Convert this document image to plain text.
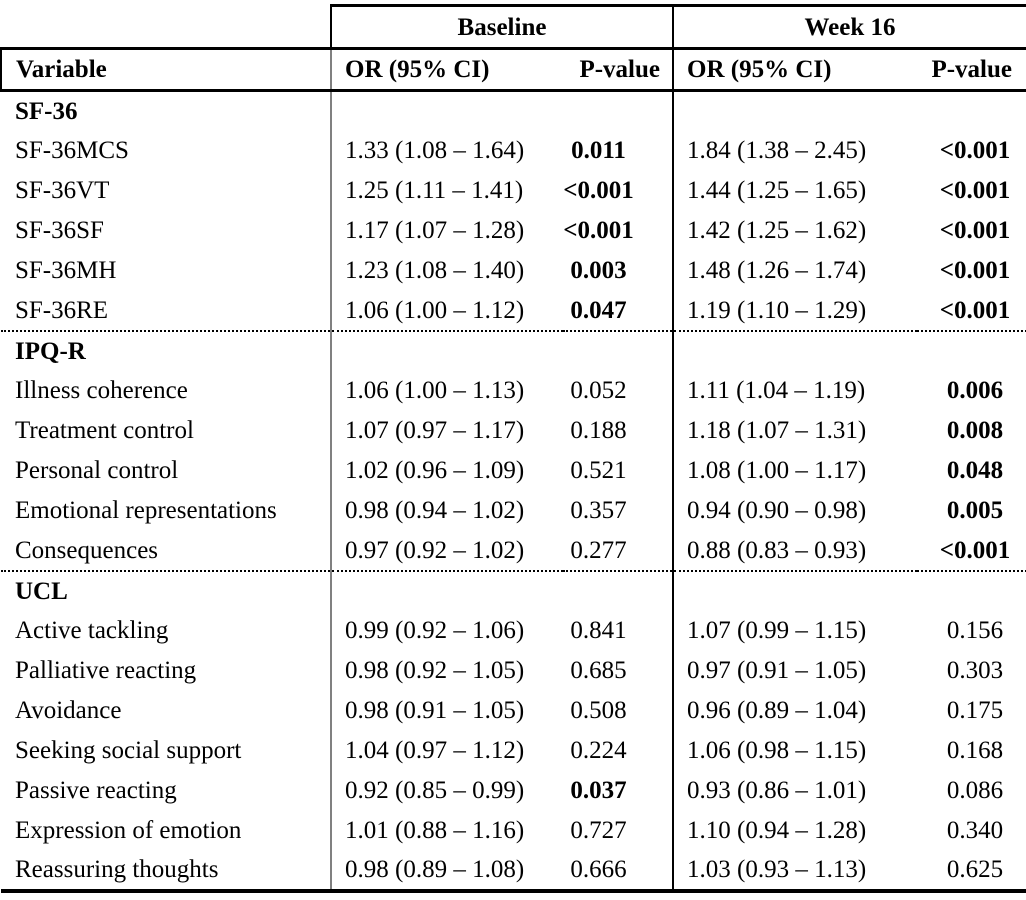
	Baseline		Week 16	
Variable	OR (95% CI)	P-value	OR (95% CI)	P-value
SF-36				
SF-36MCS	1.33 (1.08 – 1.64)	0.011	1.84 (1.38 – 2.45)	<0.001
SF-36VT	1.25 (1.11 – 1.41)	<0.001	1.44 (1.25 – 1.65)	<0.001
SF-36SF	1.17 (1.07 – 1.28)	<0.001	1.42 (1.25 – 1.62)	<0.001
SF-36MH	1.23 (1.08 – 1.40)	0.003	1.48 (1.26 – 1.74)	<0.001
SF-36RE	1.06 (1.00 – 1.12)	0.047	1.19 (1.10 – 1.29)	<0.001
IPQ-R				
Illness coherence	1.06 (1.00 – 1.13)	0.052	1.11 (1.04 – 1.19)	0.006
Treatment control	1.07 (0.97 – 1.17)	0.188	1.18 (1.07 – 1.31)	0.008
Personal control	1.02 (0.96 – 1.09)	0.521	1.08 (1.00 – 1.17)	0.048
Emotional representations	0.98 (0.94 – 1.02)	0.357	0.94 (0.90 – 0.98)	0.005
Consequences	0.97 (0.92 – 1.02)	0.277	0.88 (0.83 – 0.93)	<0.001
UCL				
Active tackling	0.99 (0.92 – 1.06)	0.841	1.07 (0.99 – 1.15)	0.156
Palliative reacting	0.98 (0.92 – 1.05)	0.685	0.97 (0.91 – 1.05)	0.303
Avoidance	0.98 (0.91 – 1.05)	0.508	0.96 (0.89 – 1.04)	0.175
Seeking social support	1.04 (0.97 – 1.12)	0.224	1.06 (0.98 – 1.15)	0.168
Passive reacting	0.92 (0.85 – 0.99)	0.037	0.93 (0.86 – 1.01)	0.086
Expression of emotion	1.01 (0.88 – 1.16)	0.727	1.10 (0.94 – 1.28)	0.340
Reassuring thoughts	0.98 (0.89 – 1.08)	0.666	1.03 (0.93 – 1.13)	0.625
